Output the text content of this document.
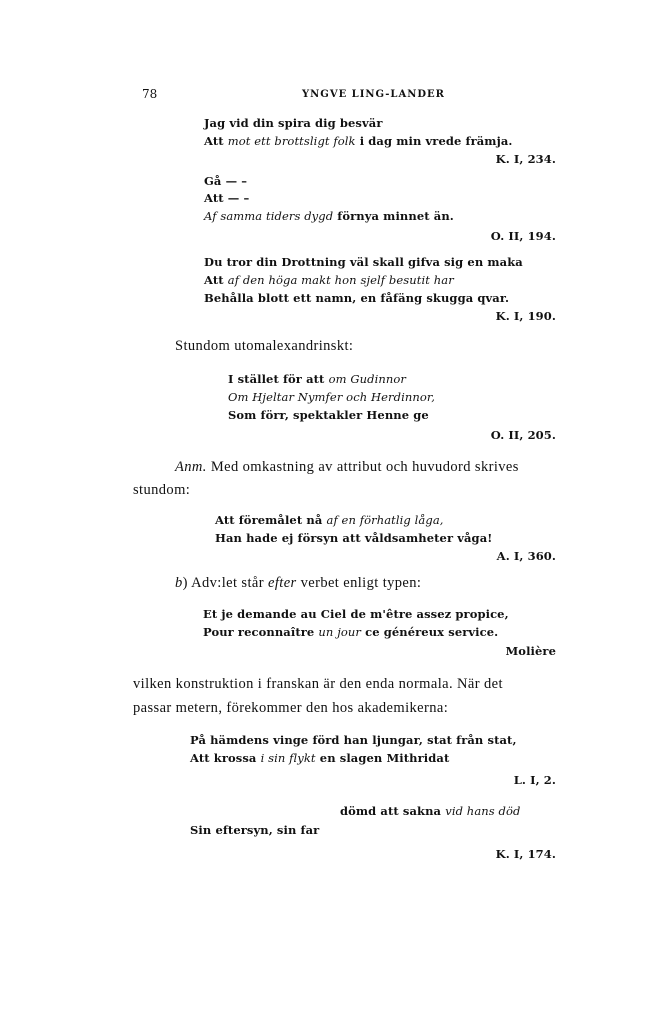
78	YNGVE LING-LANDER
Jag vid din spira dig besvär
Att mot ett brottsligt folk i dag min vrede främja.
K. I, 234.
Gå — –
Att — –
Af samma tiders dygd förnya minnet än.
O. II, 194.
Du tror din Drottning väl skall gifva sig en maka
Att af den höga makt hon sjelf besutit har
Behålla blott ett namn, en fåfäng skugga qvar.
K. I, 190.
Stundom utomalexandrinskt:
I stället för att om Gudinnor
Om Hjeltar Nymfer och Herdinnor,
Som förr, spektakler Henne ge
O. II, 205.
Anm. Med omkastning av attribut och huvudord skrives
stundom:
Att föremålet nå af en förhatlig låga,
Han hade ej försyn att våldsamheter våga!
A. I, 360.
b) Adv:let står efter verbet enligt typen:
Et je demande au Ciel de m'être assez propice,
Pour reconnaître un jour ce généreux service.
Molière
vilken konstruktion i franskan är den enda normala. När det
passar metern, förekommer den hos akademikerna:
På hämdens vinge förd han ljungar, stat från stat,
Att krossa i sin flykt en slagen Mithridat
L. I, 2.
dömd att sakna vid hans död
Sin eftersyn, sin far
K. I, 174.
